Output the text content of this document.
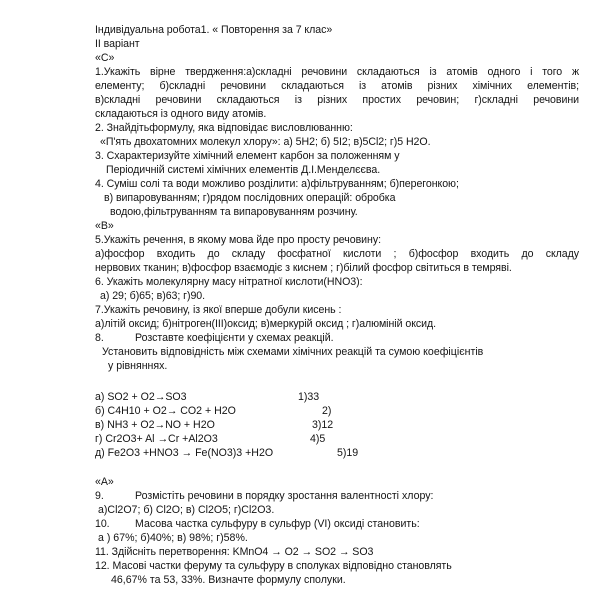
Індивідуальна робота1. « Повторення за 7 клас»
ІІ варіант
«С»
1.Укажіть вірне твердження:а)складні речовини складаються із атомів одного і того ж
елементу; б)складні речовини складаються із атомів різних хімічних елементів;
в)складні речовини складаються із різних простих речовин; г)складні речовини
складаються із одного виду атомів.
2. Знайдітьформулу, яка відповідає висловлюванню:
«П'ять двохатомних молекул хлору»: а) 5Н2; б) 5І2; в)5Сl2; г)5 Н2О.
3. Схарактеризуйте хімічний елемент карбон за положенням у
Періодичній системі хімічних елементів Д.І.Менделєєва.
4. Суміш солі та води можливо розділити: а)фільтруванням; б)перегонкою;
в) випаровуванням; г)рядом послідовних операцій: обробка
водою,фільтруванням та випаровуванням розчину.
«В»
5.Укажіть речення, в якому мова йде про просту речовину:
а)фосфор входить до складу фосфатної кислоти ; б)фосфор входить до складу
нервових тканин; в)фосфор взаємодіє з киснем ; г)білий фосфор світиться в темряві.
6. Укажіть молекулярну масу нітратної кислоти(НNО3):
а) 29; б)65; в)63; г)90.
7.Укажіть речовину, із якої вперше добули кисень :
а)літій оксид; б)нітроген(ІІІ)оксид; в)меркурій оксид ; г)алюміній оксид.
8.	Розставте коефіцієнти у схемах реакцій.
Установить відповідність між схемами хімічних реакцій та сумою коефіцієнтів
у рівняннях.
а) SO2 + O2→SO3
б) C4H10 + O2→ CO2 + H2O
в) NH3 + O2→NO + H2O
г) Cr2O3+ Al →Cr +Al2O3
д) Fe2O3 +HNO3 → Fe(NO3)3 +H2O
1)33
2)
3)12
4)5
5)19
«А»
9.	Розмістіть речовини в порядку зростання валентності хлору:
а)Cl2O7; б) Cl2O; в) Cl2O5; г)Cl2O3.
10. Масова частка сульфуру в сульфур (VІ) оксиді становить:
а ) 67%; б)40%; в) 98%; г)58%.
11. Здійсніть перетворення: KMnO4 → O2 → SO2 → SO3
12. Масові частки феруму та сульфуру в сполуках відповідно становлять
46,67% та 53, 33%. Визначте формулу сполуки.
